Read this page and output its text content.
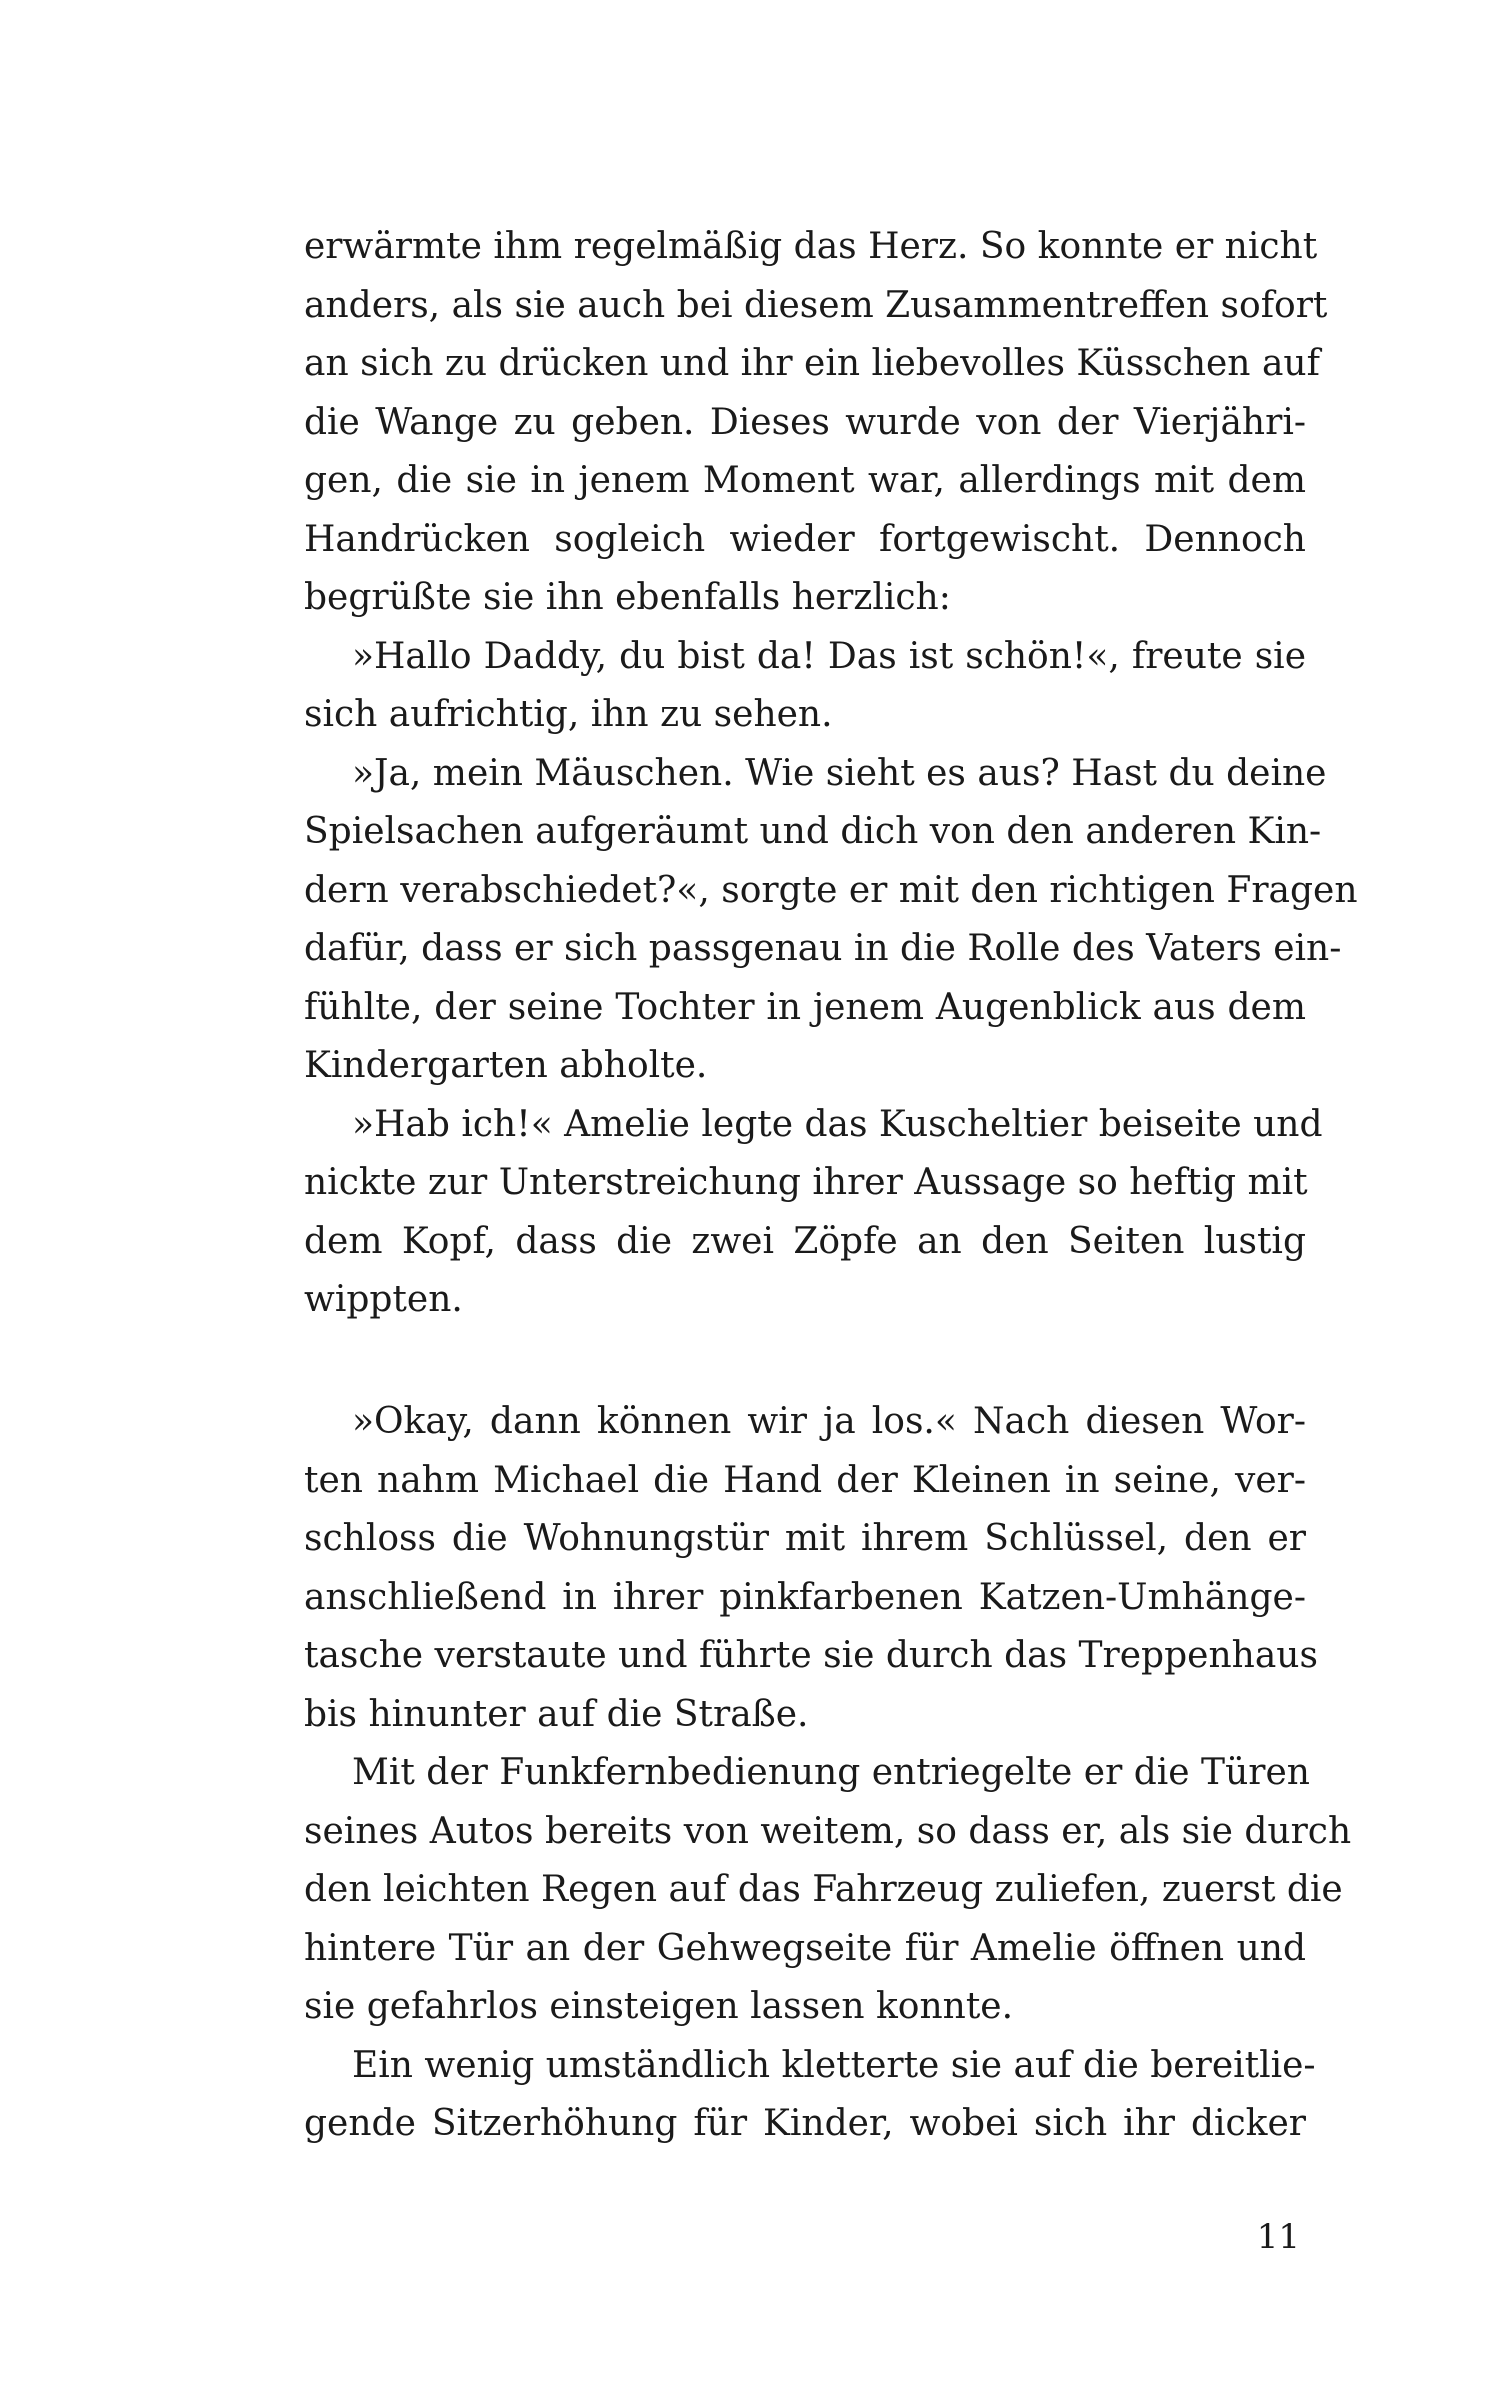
erwärmte ihm regelmäßig das Herz. So konnte er nicht
anders, als sie auch bei diesem Zusammentreffen sofort
an sich zu drücken und ihr ein liebevolles Küsschen auf
die Wange zu geben. Dieses wurde von der Vierjähri-
gen, die sie in jenem Moment war, allerdings mit dem
Handrücken sogleich wieder fortgewischt. Dennoch
begrüßte sie ihn ebenfalls herzlich:
»Hallo Daddy, du bist da! Das ist schön!«, freute sie
sich aufrichtig, ihn zu sehen.
»Ja, mein Mäuschen. Wie sieht es aus? Hast du deine
Spielsachen aufgeräumt und dich von den anderen Kin-
dern verabschiedet?«, sorgte er mit den richtigen Fragen
dafür, dass er sich passgenau in die Rolle des Vaters ein-
fühlte, der seine Tochter in jenem Augenblick aus dem
Kindergarten abholte.
»Hab ich!« Amelie legte das Kuscheltier beiseite und
nickte zur Unterstreichung ihrer Aussage so heftig mit
dem Kopf, dass die zwei Zöpfe an den Seiten lustig
wippten.
»Okay, dann können wir ja los.« Nach diesen Wor-
ten nahm Michael die Hand der Kleinen in seine, ver-
schloss die Wohnungstür mit ihrem Schlüssel, den er
anschließend in ihrer pinkfarbenen Katzen-Umhänge-
tasche verstaute und führte sie durch das Treppenhaus
bis hinunter auf die Straße.
Mit der Funkfernbedienung entriegelte er die Türen
seines Autos bereits von weitem, so dass er, als sie durch
den leichten Regen auf das Fahrzeug zuliefen, zuerst die
hintere Tür an der Gehwegseite für Amelie öffnen und
sie gefahrlos einsteigen lassen konnte.
Ein wenig umständlich kletterte sie auf die bereitlie-
gende Sitzerhöhung für Kinder, wobei sich ihr dicker
11
